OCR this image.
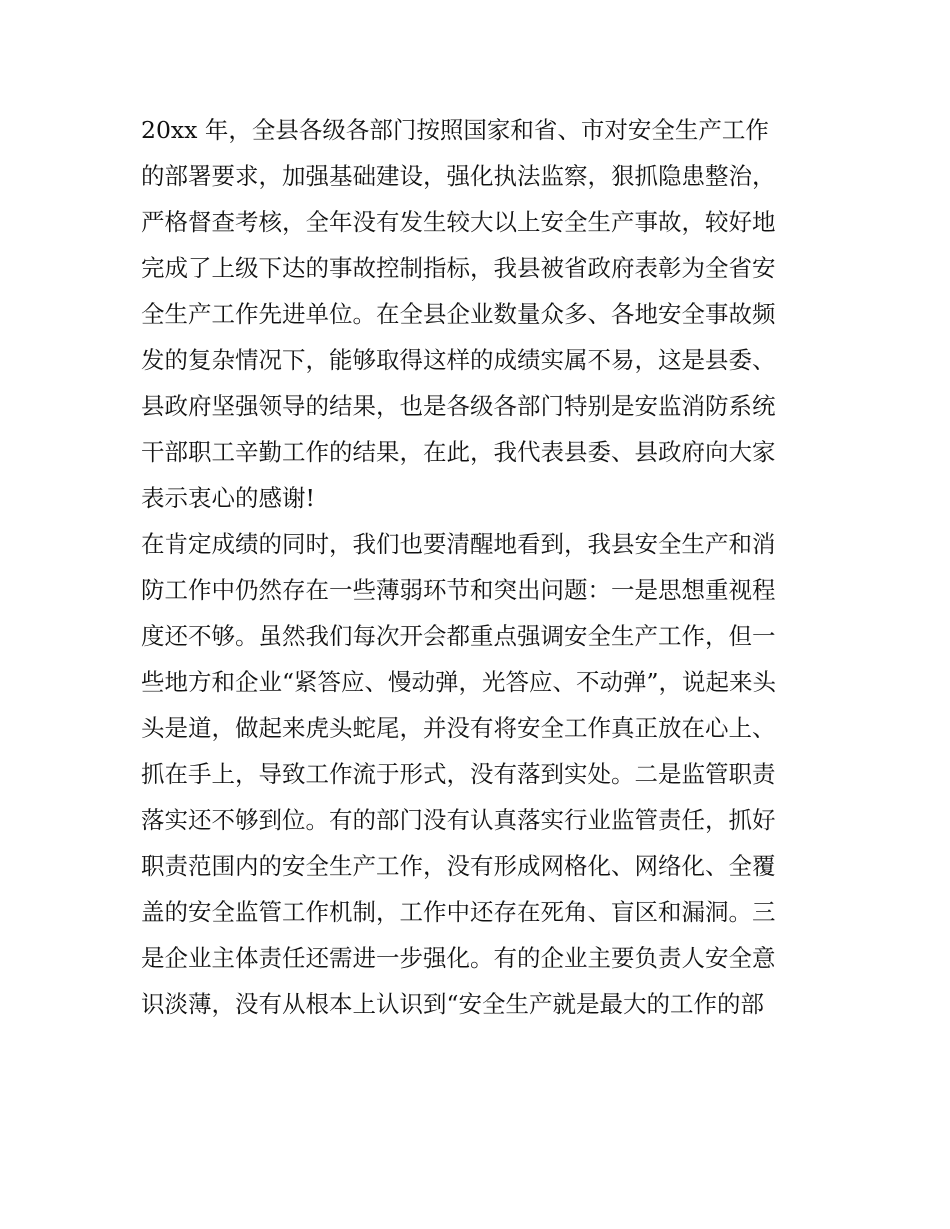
20xx 年，全县各级各部门按照国家和省、市对安全生产工作
的部署要求，加强基础建设，强化执法监察，狠抓隐患整治，
严格督查考核，全年没有发生较大以上安全生产事故，较好地
完成了上级下达的事故控制指标，我县被省政府表彰为全省安
全生产工作先进单位。在全县企业数量众多、各地安全事故频
发的复杂情况下，能够取得这样的成绩实属不易，这是县委、
县政府坚强领导的结果，也是各级各部门特别是安监消防系统
干部职工辛勤工作的结果，在此，我代表县委、县政府向大家
表示衷心的感谢!
在肯定成绩的同时，我们也要清醒地看到，我县安全生产和消
防工作中仍然存在一些薄弱环节和突出问题：一是思想重视程
度还不够。虽然我们每次开会都重点强调安全生产工作，但一
些地方和企业“紧答应、慢动弹，光答应、不动弹”，说起来头
头是道，做起来虎头蛇尾，并没有将安全工作真正放在心上、
抓在手上，导致工作流于形式，没有落到实处。二是监管职责
落实还不够到位。有的部门没有认真落实行业监管责任，抓好
职责范围内的安全生产工作，没有形成网格化、网络化、全覆
盖的安全监管工作机制，工作中还存在死角、盲区和漏洞。三
是企业主体责任还需进一步强化。有的企业主要负责人安全意
识淡薄，没有从根本上认识到“安全生产就是最大的工作的部
